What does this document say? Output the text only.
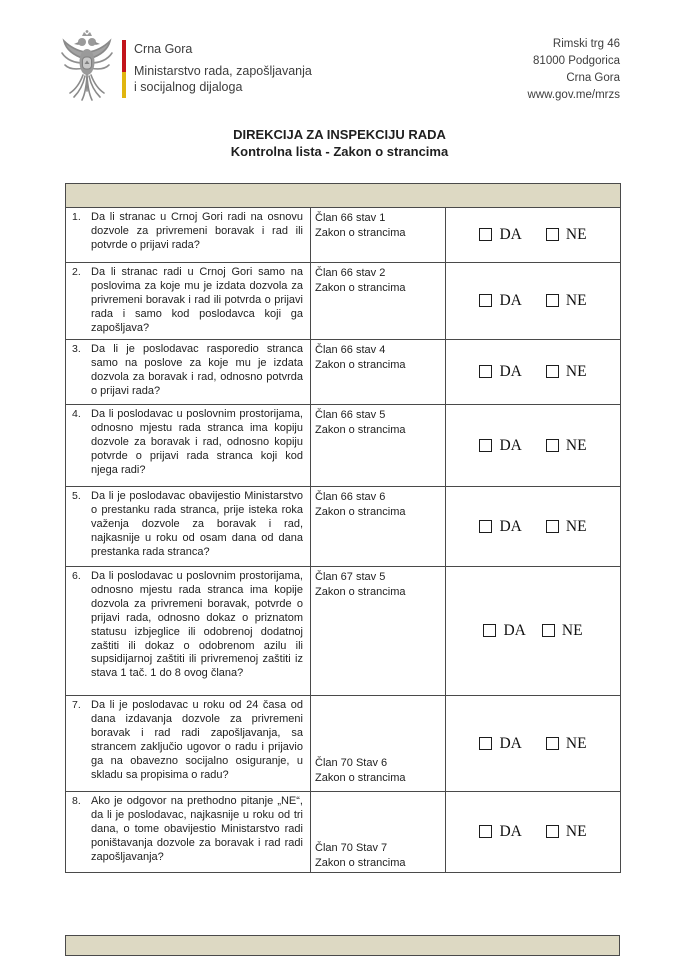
Crna Gora
Ministarstvo rada, zapošljavanja
i socijalnog dijaloga
Rimski trg 46
81000 Podgorica
Crna Gora
www.gov.me/mrzs
DIREKCIJA ZA INSPEKCIJU RADA
Kontrolna lista - Zakon o strancima

1. Da li stranac u Crnoj Gori radi na osnovu dozvole za privremeni boravak i rad ili potvrde o prijavi rada?

Član 66 stav 1
Zakon o strancima	DA	NE

2. Da li stranac radi u Crnoj Gori samo na poslovima za koje mu je izdata dozvola za privremeni boravak i rad ili potvrda o prijavi rada i samo kod poslodavca koji ga zapošljava?

Član 66 stav 2
Zakon o strancima

DA	NE

3. Da li je poslodavac rasporedio stranca samo na poslove za koje mu je izdata dozvola za boravak i rad, odnosno potvrda o prijavi rada?

Član 66 stav 4
Zakon o strancima	DA	NE

4. Da li poslodavac u poslovnim prostorijama, odnosno mjestu rada stranca ima kopiju dozvole za boravak i rad, odnosno kopiju potvrde o prijavi rada stranca koji kod njega radi?

Član 66 stav 5
Zakon o strancima

DA	NE

5. Da li je poslodavac obavijestio Ministarstvo o prestanku rada stranca, prije isteka roka važenja dozvole za boravak i rad, najkasnije u roku od osam dana od dana prestanka rada stranca?

Član 66 stav 6
Zakon o strancima

DA	NE

6. Da li poslodavac u poslovnim prostorijama, odnosno mjestu rada stranca ima kopije dozvola za privremeni boravak, potvrde o prijavi rada, odnosno dokaz o priznatom statusu izbjeglice ili odobrenoj dodatnoj zaštiti ili dokaz o odobrenom azilu ili supsidijarnoj zaštiti ili privremenoj zaštiti iz stava 1 tač. 1 do 8 ovog člana?

Član 67 stav 5
Zakon o strancima

DA NE

7. Da li je poslodavac u roku od 24 časa od dana izdavanja dozvole za privremeni boravak i rad radi zapošljavanja, sa strancem zaključio ugovor o radu i prijavio ga na obavezno socijalno osiguranje, u skladu sa propisima o radu?

Član 70 Stav 6
Zakon o strancima

DA	NE

8. Ako je odgovor na prethodno pitanje „NE“, da li je poslodavac, najkasnije u roku od tri dana, o tome obavijestio Ministarstvo radi poništavanja dozvole za boravak i rad radi zapošljavanja?

Član 70 Stav 7
Zakon o strancima

DA	NE
